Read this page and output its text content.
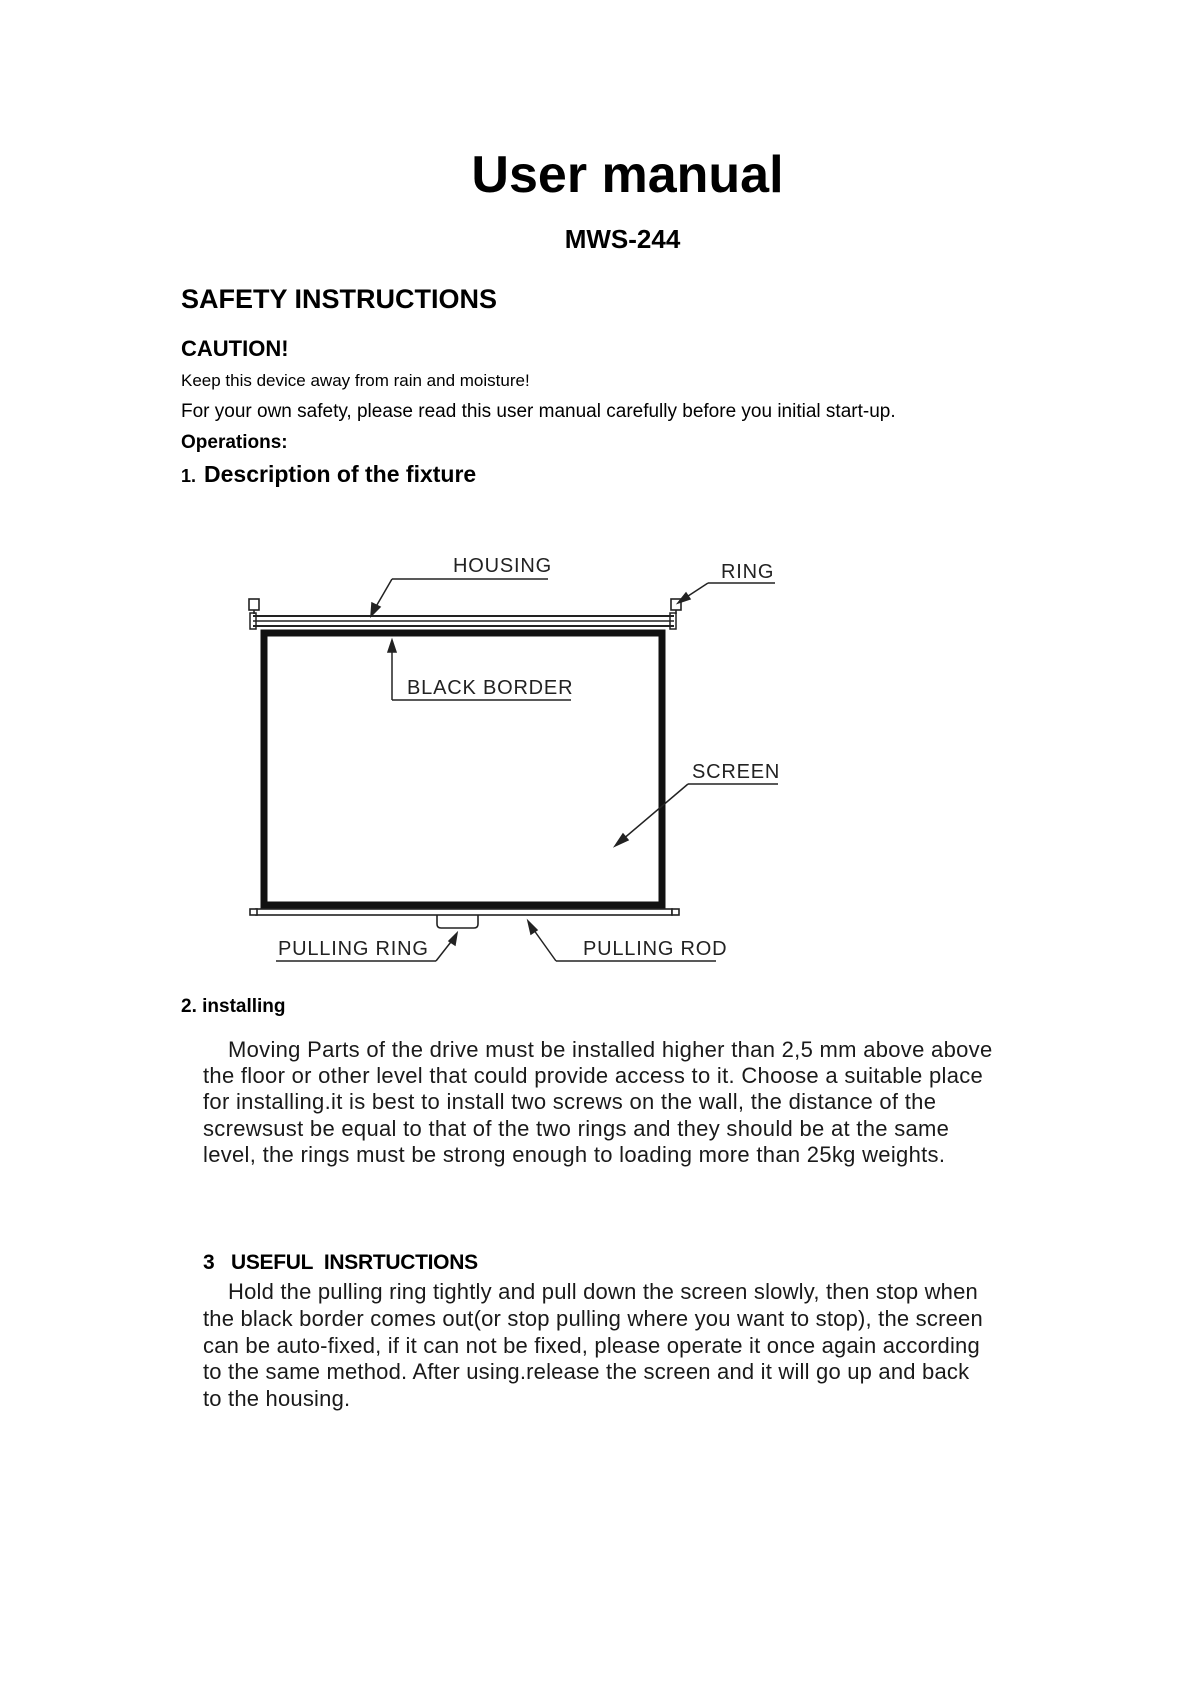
User manual
MWS-244
SAFETY INSTRUCTIONS
CAUTION!
Keep this device away from rain and moisture!
For your own safety, please read this user manual carefully before you initial start-up.
Operations:
1. Description of the fixture
HOUSING	RING
BLACK BORDER
SCREEN
PULLING RING	PULLING ROD
2. installing
Moving Parts of the drive must be installed higher than 2,5 mm above above the floor or other level that could provide access to it. Choose a suitable place for installing.it is best to install two screws on the wall, the distance of the screwsust be equal to that of the two rings and they should be at the same level, the rings must be strong enough to loading more than 25kg weights.
3   USEFUL  INSRTUCTIONS
Hold the pulling ring tightly and pull down the screen slowly, then stop when the black border comes out(or stop pulling where you want to stop), the screen can be auto-fixed, if it can not be fixed, please operate it once again according to the same method. After using.release the screen and it will go up and back to the housing.
